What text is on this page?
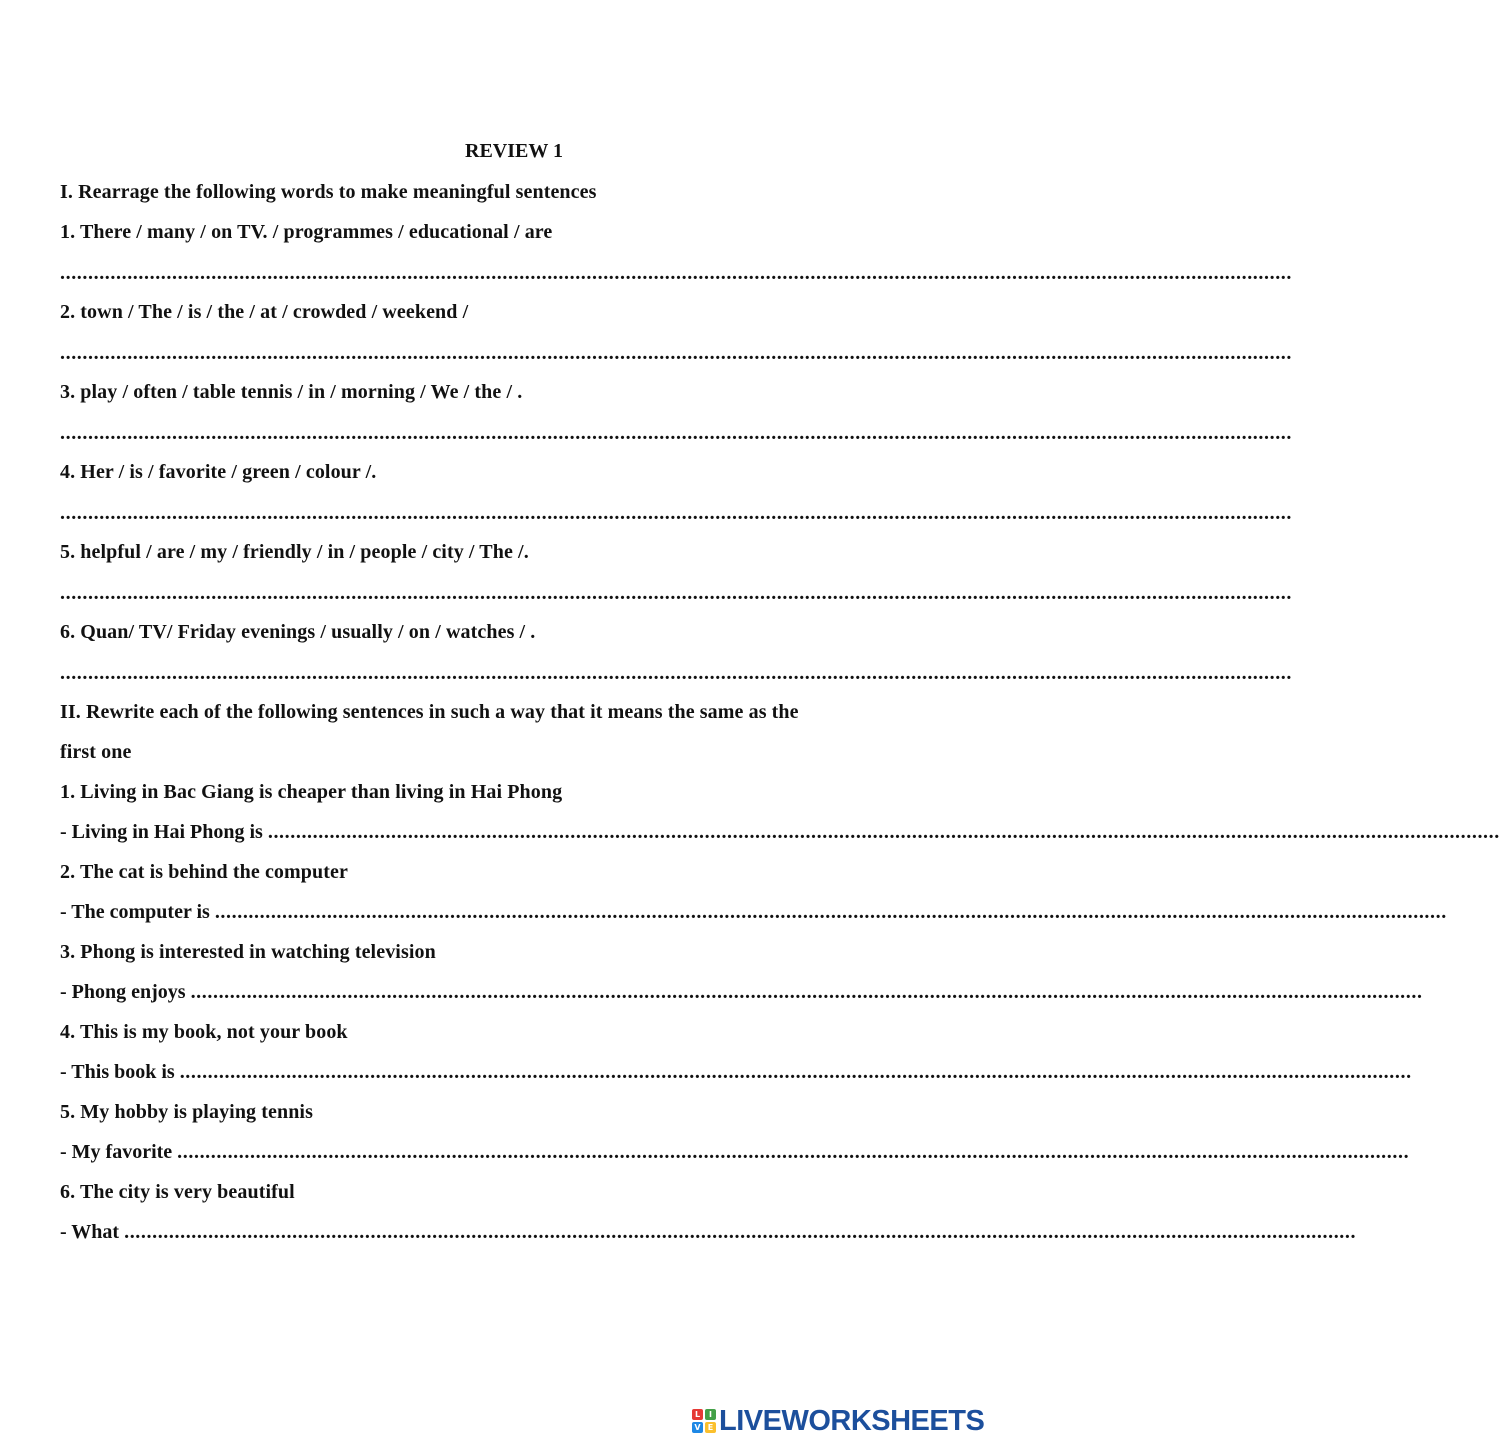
REVIEW 1
I. Rearrage the following words to make meaningful sentences
1. There / many / on TV. / programmes / educational / are
............................................................................................................................................................................................................................
2. town / The / is / the / at / crowded / weekend /
............................................................................................................................................................................................................................
3. play / often / table tennis / in / morning / We / the / .
............................................................................................................................................................................................................................
4. Her / is / favorite / green / colour /.
............................................................................................................................................................................................................................
5. helpful / are / my / friendly / in / people / city / The /.
............................................................................................................................................................................................................................
6. Quan/ TV/ Friday evenings / usually / on / watches / .
............................................................................................................................................................................................................................
II. Rewrite each of the following sentences in such a way that it means the same as the
first one
1. Living in Bac Giang is cheaper than living in Hai Phong
- Living in Hai Phong is ............................................................................................................................................................................................................................
2. The cat is behind the computer
- The computer is ............................................................................................................................................................................................................................
3. Phong is interested in watching television
- Phong enjoys ............................................................................................................................................................................................................................
4. This is my book, not your book
- This book is ............................................................................................................................................................................................................................
5. My hobby is playing tennis
- My favorite ............................................................................................................................................................................................................................
6. The city is very beautiful
- What ............................................................................................................................................................................................................................
L	I
V E LIVEWORKSHEETS
